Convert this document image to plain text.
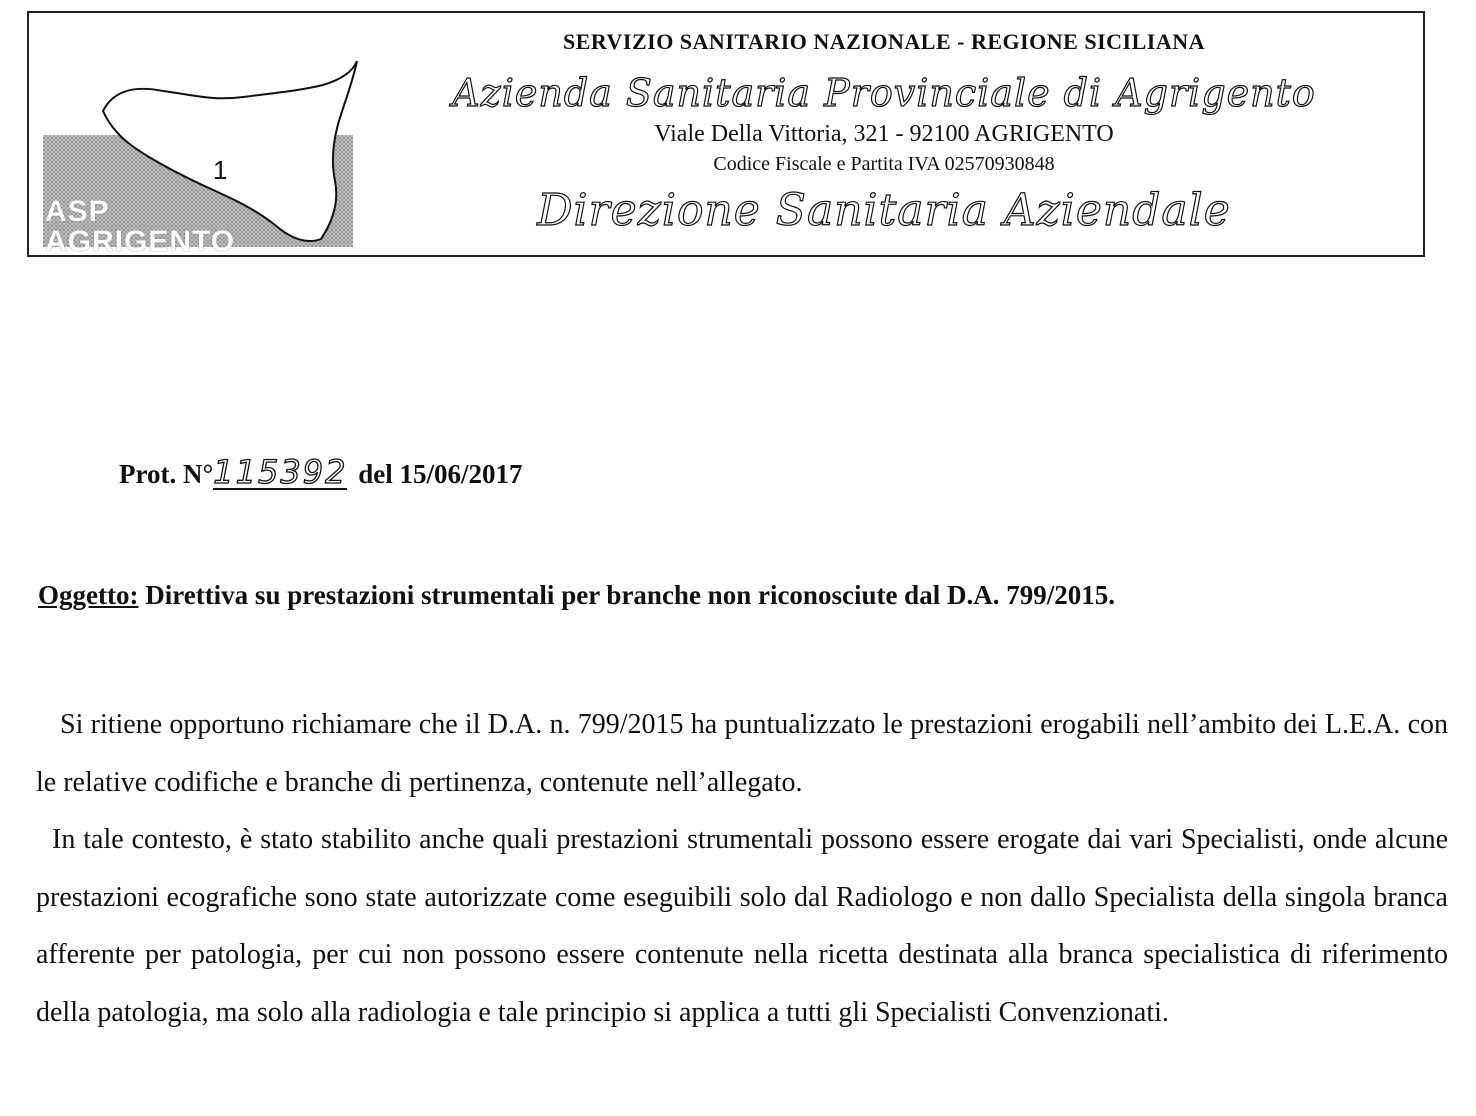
1
ASP
AGRIGENTO
SERVIZIO SANITARIO NAZIONALE - REGIONE SICILIANA
Azienda Sanitaria Provinciale di Agrigento
Viale Della Vittoria, 321 - 92100 AGRIGENTO
Codice Fiscale e Partita IVA 02570930848
Direzione Sanitaria Aziendale
Prot. N°115392 del 15/06/2017
Oggetto: Direttiva su prestazioni strumentali per branche non riconosciute dal D.A. 799/2015.

Si ritiene opportuno richiamare che il D.A. n. 799/2015 ha puntualizzato le prestazioni erogabili nell’ambito dei L.E.A. con le relative codifiche e branche di pertinenza, contenute nell’allegato.

In tale contesto, è stato stabilito anche quali prestazioni strumentali possono essere erogate dai vari Specialisti, onde alcune prestazioni ecografiche sono state autorizzate come eseguibili solo dal Radiologo e non dallo Specialista della singola branca afferente per patologia, per cui non possono essere contenute nella ricetta destinata alla branca specialistica di riferimento della patologia, ma solo alla radiologia e tale principio si applica a tutti gli Specialisti Convenzionati.
